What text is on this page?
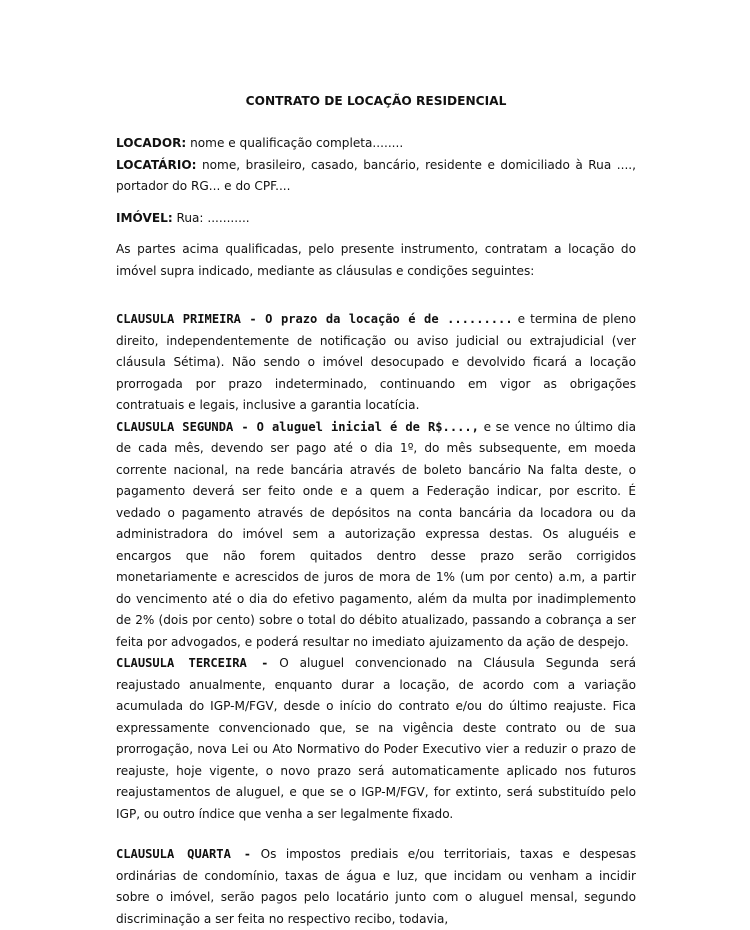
CONTRATO DE LOCAÇÃO RESIDENCIAL

LOCADOR: nome e qualificação completa........

LOCATÁRIO: nome, brasileiro, casado, bancário, residente e domiciliado à Rua ...., portador do RG... e do CPF....

IMÓVEL: Rua: ...........

As partes acima qualificadas, pelo presente instrumento, contratam a locação do imóvel supra indicado, mediante as cláusulas e condições seguintes:

CLAUSULA PRIMEIRA - O prazo da locação é de ......... e termina de pleno direito, independentemente de notificação ou aviso judicial ou extrajudicial (ver cláusula Sétima). Não sendo o imóvel desocupado e devolvido ficará a locação prorrogada por prazo indeterminado, continuando em vigor as obrigações contratuais e legais, inclusive a garantia locatícia.

CLAUSULA SEGUNDA - O aluguel inicial é de R$...., e se vence no último dia de cada mês, devendo ser pago até o dia 1º, do mês subsequente, em moeda corrente nacional, na rede bancária através de boleto bancário Na falta deste, o pagamento deverá ser feito onde e a quem a Federação indicar, por escrito. É vedado o pagamento através de depósitos na conta bancária da locadora ou da administradora do imóvel sem a autorização expressa destas. Os aluguéis e encargos que não forem quitados dentro desse prazo serão corrigidos monetariamente e acrescidos de juros de mora de 1% (um por cento) a.m, a partir do vencimento até o dia do efetivo pagamento, além da multa por inadimplemento de 2% (dois por cento) sobre o total do débito atualizado, passando a cobrança a ser feita por advogados, e poderá resultar no imediato ajuizamento da ação de despejo.

CLAUSULA TERCEIRA - O aluguel convencionado na Cláusula Segunda será reajustado anualmente, enquanto durar a locação, de acordo com a variação acumulada do IGP-M/FGV, desde o início do contrato e/ou do último reajuste. Fica expressamente convencionado que, se na vigência deste contrato ou de sua prorrogação, nova Lei ou Ato Normativo do Poder Executivo vier a reduzir o prazo de reajuste, hoje vigente, o novo prazo será automaticamente aplicado nos futuros reajustamentos de aluguel, e que se o IGP-M/FGV, for extinto, será substituído pelo IGP, ou outro índice que venha a ser legalmente fixado.

CLAUSULA QUARTA - Os impostos prediais e/ou territoriais, taxas e despesas ordinárias de condomínio, taxas de água e luz, que incidam ou venham a incidir sobre o imóvel, serão pagos pelo locatário junto com o aluguel mensal, segundo discriminação a ser feita no respectivo recibo, todavia,
